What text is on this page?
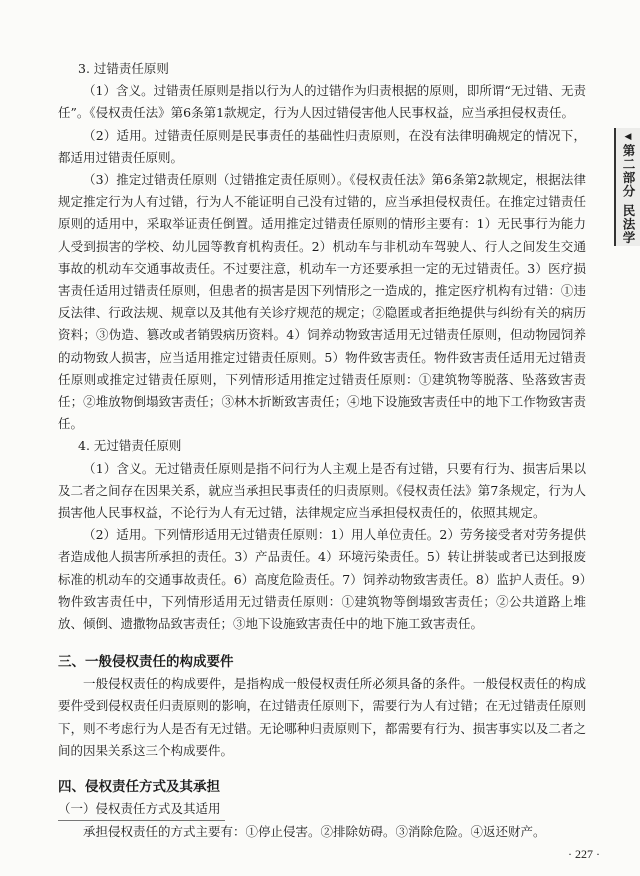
◀
第二部分
民法学

3. 过错责任原则

（1）含义。过错责任原则是指以行为人的过错作为归责根据的原则，即所谓“无过错、无责任”。《侵权责任法》第6条第1款规定，行为人因过错侵害他人民事权益，应当承担侵权责任。

（2）适用。过错责任原则是民事责任的基础性归责原则，在没有法律明确规定的情况下，都适用过错责任原则。

（3）推定过错责任原则（过错推定责任原则）。《侵权责任法》第6条第2款规定，根据法律规定推定行为人有过错，行为人不能证明自己没有过错的，应当承担侵权责任。在推定过错责任原则的适用中，采取举证责任倒置。适用推定过错责任原则的情形主要有：1）无民事行为能力人受到损害的学校、幼儿园等教育机构责任。2）机动车与非机动车驾驶人、行人之间发生交通事故的机动车交通事故责任。不过要注意，机动车一方还要承担一定的无过错责任。3）医疗损害责任适用过错责任原则，但患者的损害是因下列情形之一造成的，推定医疗机构有过错：①违反法律、行政法规、规章以及其他有关诊疗规范的规定；②隐匿或者拒绝提供与纠纷有关的病历资料；③伪造、篡改或者销毁病历资料。4）饲养动物致害适用无过错责任原则，但动物园饲养的动物致人损害，应当适用推定过错责任原则。5）物件致害责任。物件致害责任适用无过错责任原则或推定过错责任原则，下列情形适用推定过错责任原则：①建筑物等脱落、坠落致害责任；②堆放物倒塌致害责任；③林木折断致害责任；④地下设施致害责任中的地下工作物致害责任。

4. 无过错责任原则

（1）含义。无过错责任原则是指不问行为人主观上是否有过错，只要有行为、损害后果以及二者之间存在因果关系，就应当承担民事责任的归责原则。《侵权责任法》第7条规定，行为人损害他人民事权益，不论行为人有无过错，法律规定应当承担侵权责任的，依照其规定。

（2）适用。下列情形适用无过错责任原则：1）用人单位责任。2）劳务接受者对劳务提供者造成他人损害所承担的责任。3）产品责任。4）环境污染责任。5）转让拼装或者已达到报废标准的机动车的交通事故责任。6）高度危险责任。7）饲养动物致害责任。8）监护人责任。9）物件致害责任中，下列情形适用无过错责任原则：①建筑物等倒塌致害责任；②公共道路上堆放、倾倒、遗撒物品致害责任；③地下设施致害责任中的地下施工致害责任。

三、一般侵权责任的构成要件

一般侵权责任的构成要件，是指构成一般侵权责任所必须具备的条件。一般侵权责任的构成要件受到侵权责任归责原则的影响，在过错责任原则下，需要行为人有过错；在无过错责任原则下，则不考虑行为人是否有无过错。无论哪种归责原则下，都需要有行为、损害事实以及二者之间的因果关系这三个构成要件。

四、侵权责任方式及其承担

（一）侵权责任方式及其适用

承担侵权责任的方式主要有：①停止侵害。②排除妨碍。③消除危险。④返还财产。

· 227 ·
